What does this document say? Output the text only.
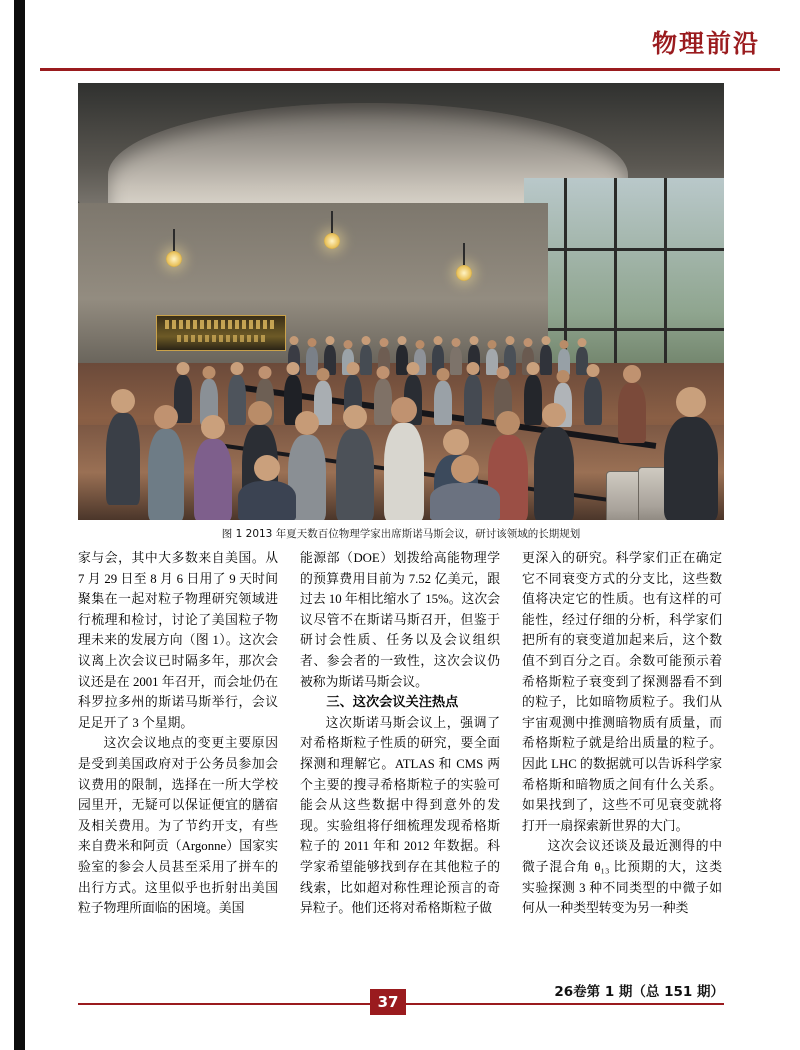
物理前沿
图 1 2013 年夏天数百位物理学家出席斯诺马斯会议，研讨该领域的长期规划

家与会，其中大多数来自美国。从 7 月 29 日至 8 月 6 日用了 9 天时间聚集在一起对粒子物理研究领域进行梳理和检讨，讨论了美国粒子物理未来的发展方向（图 1）。这次会议离上次会议已时隔多年，那次会议还是在 2001 年召开，而会址仍在科罗拉多州的斯诺马斯举行，会议足足开了 3 个星期。

这次会议地点的变更主要原因是受到美国政府对于公务员参加会议费用的限制，选择在一所大学校园里开，无疑可以保证便宜的膳宿及相关费用。为了节约开支，有些来自费米和阿贡（Argonne）国家实验室的参会人员甚至采用了拼车的出行方式。这里似乎也折射出美国粒子物理所面临的困境。美国

能源部（DOE）划拨给高能物理学的预算费用目前为 7.52 亿美元，跟过去 10 年相比缩水了 15%。这次会议尽管不在斯诺马斯召开，但鉴于研讨会性质、任务以及会议组织者、参会者的一致性，这次会议仍被称为斯诺马斯会议。

三、这次会议关注热点

这次斯诺马斯会议上，强调了对希格斯粒子性质的研究，要全面探测和理解它。ATLAS 和 CMS 两个主要的搜寻希格斯粒子的实验可能会从这些数据中得到意外的发现。实验组将仔细梳理发现希格斯粒子的 2011 年和 2012 年数据。科学家希望能够找到存在其他粒子的线索，比如超对称性理论预言的奇异粒子。他们还将对希格斯粒子做

更深入的研究。科学家们正在确定它不同衰变方式的分支比，这些数值将决定它的性质。也有这样的可能性，经过仔细的分析，科学家们把所有的衰变道加起来后，这个数值不到百分之百。余数可能预示着希格斯粒子衰变到了探测器看不到的粒子，比如暗物质粒子。我们从宇宙观测中推测暗物质有质量，而希格斯粒子就是给出质量的粒子。因此 LHC 的数据就可以告诉科学家希格斯和暗物质之间有什么关系。如果找到了，这些不可见衰变就将打开一扇探索新世界的大门。

这次会议还谈及最近测得的中微子混合角 θ₁₃ 比预期的大，这类实验探测 3 种不同类型的中微子如何从一种类型转变为另一种类

37
26卷第 1 期（总 151 期）
